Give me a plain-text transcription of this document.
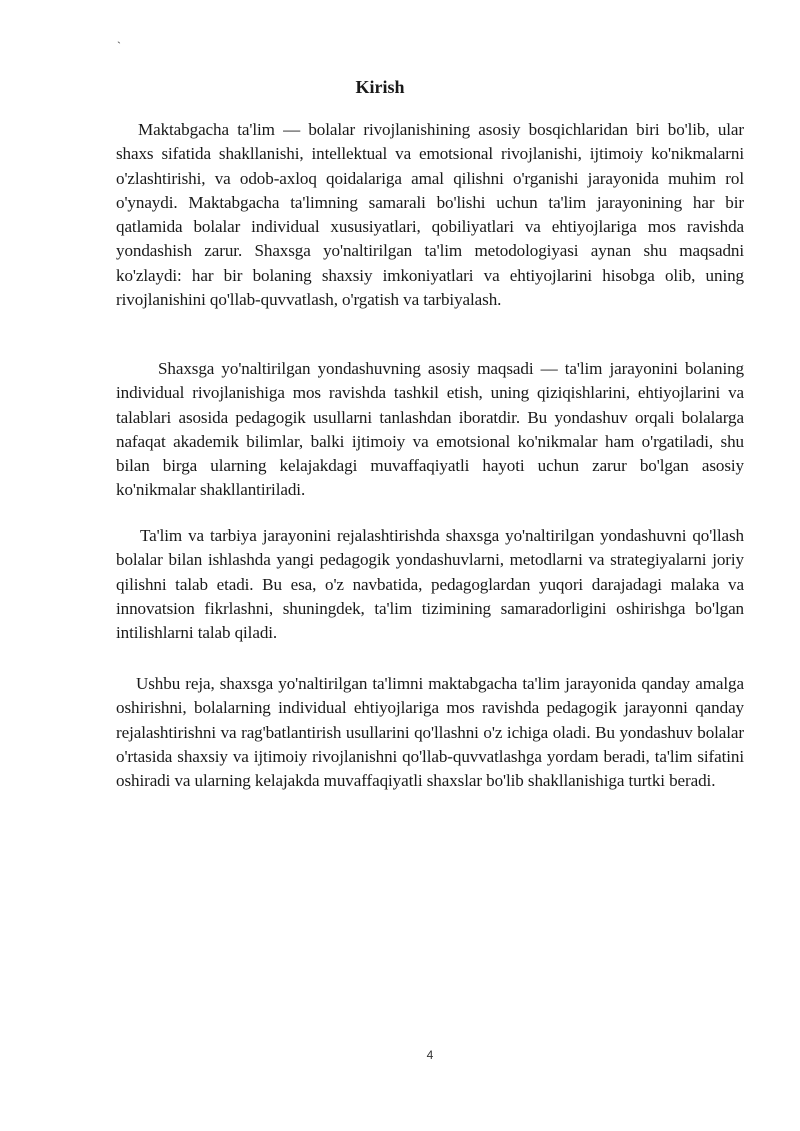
`
Kirish

Maktabgacha ta'lim — bolalar rivojlanishining asosiy bosqichlaridan biri bo'lib, ular shaxs sifatida shakllanishi, intellektual va emotsional rivojlanishi, ijtimoiy ko'nikmalarni o'zlashtirishi, va odob-axloq qoidalariga amal qilishni o'rganishi jarayonida muhim rol o'ynaydi. Maktabgacha ta'limning samarali bo'lishi uchun ta'lim jarayonining har bir qatlamida bolalar individual xususiyatlari, qobiliyatlari va ehtiyojlariga mos ravishda yondashish zarur. Shaxsga yo'naltirilgan ta'lim metodologiyasi aynan shu maqsadni ko'zlaydi: har bir bolaning shaxsiy imkoniyatlari va ehtiyojlarini hisobga olib, uning rivojlanishini qo'llab-quvvatlash, o'rgatish va tarbiyalash.

Shaxsga yo'naltirilgan yondashuvning asosiy maqsadi — ta'lim jarayonini bolaning individual rivojlanishiga mos ravishda tashkil etish, uning qiziqishlarini, ehtiyojlarini va talablari asosida pedagogik usullarni tanlashdan iboratdir. Bu yondashuv orqali bolalarga nafaqat akademik bilimlar, balki ijtimoiy va emotsional ko'nikmalar ham o'rgatiladi, shu bilan birga ularning kelajakdagi muvaffaqiyatli hayoti uchun zarur bo'lgan asosiy ko'nikmalar shakllantiriladi.

Ta'lim va tarbiya jarayonini rejalashtirishda shaxsga yo'naltirilgan yondashuvni qo'llash bolalar bilan ishlashda yangi pedagogik yondashuvlarni, metodlarni va strategiyalarni joriy qilishni talab etadi. Bu esa, o'z navbatida, pedagoglardan yuqori darajadagi malaka va innovatsion fikrlashni, shuningdek, ta'lim tizimining samaradorligini oshirishga bo'lgan intilishlarni talab qiladi.

Ushbu reja, shaxsga yo'naltirilgan ta'limni maktabgacha ta'lim jarayonida qanday amalga oshirishni, bolalarning individual ehtiyojlariga mos ravishda pedagogik jarayonni qanday rejalashtirishni va rag'batlantirish usullarini qo'llashni o'z ichiga oladi. Bu yondashuv bolalar o'rtasida shaxsiy va ijtimoiy rivojlanishni qo'llab-quvvatlashga yordam beradi, ta'lim sifatini oshiradi va ularning kelajakda muvaffaqiyatli shaxslar bo'lib shakllanishiga turtki beradi.

4
